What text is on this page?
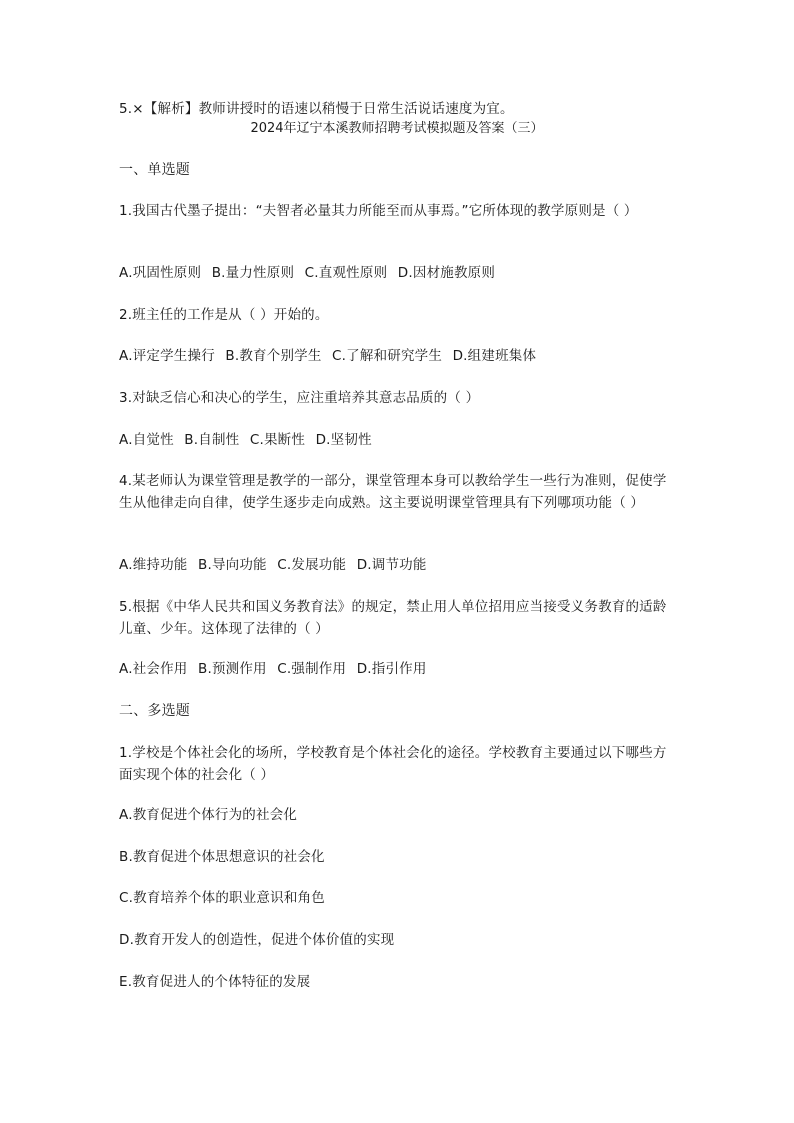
5.×【解析】教师讲授时的语速以稍慢于日常生活说话速度为宜。
2024年辽宁本溪教师招聘考试模拟题及答案（三）
一、单选题
1.我国古代墨子提出：“夫智者必量其力所能至而从事焉。”它所体现的教学原则是（ ）
A.巩固性原则 B.量力性原则 C.直观性原则 D.因材施教原则
2.班主任的工作是从（ ）开始的。
A.评定学生操行 B.教育个别学生 C.了解和研究学生 D.组建班集体
3.对缺乏信心和决心的学生，应注重培养其意志品质的（ ）
A.自觉性 B.自制性 C.果断性 D.坚韧性
4.某老师认为课堂管理是教学的一部分，课堂管理本身可以教给学生一些行为准则，促使学生从他律走向自律，使学生逐步走向成熟。这主要说明课堂管理具有下列哪项功能（ ）
A.维持功能 B.导向功能 C.发展功能 D.调节功能
5.根据《中华人民共和国义务教育法》的规定，禁止用人单位招用应当接受义务教育的适龄儿童、少年。这体现了法律的（ ）
A.社会作用 B.预测作用 C.强制作用 D.指引作用
二、多选题
1.学校是个体社会化的场所，学校教育是个体社会化的途径。学校教育主要通过以下哪些方面实现个体的社会化（ ）
A.教育促进个体行为的社会化
B.教育促进个体思想意识的社会化
C.教育培养个体的职业意识和角色
D.教育开发人的创造性，促进个体价值的实现
E.教育促进人的个体特征的发展
